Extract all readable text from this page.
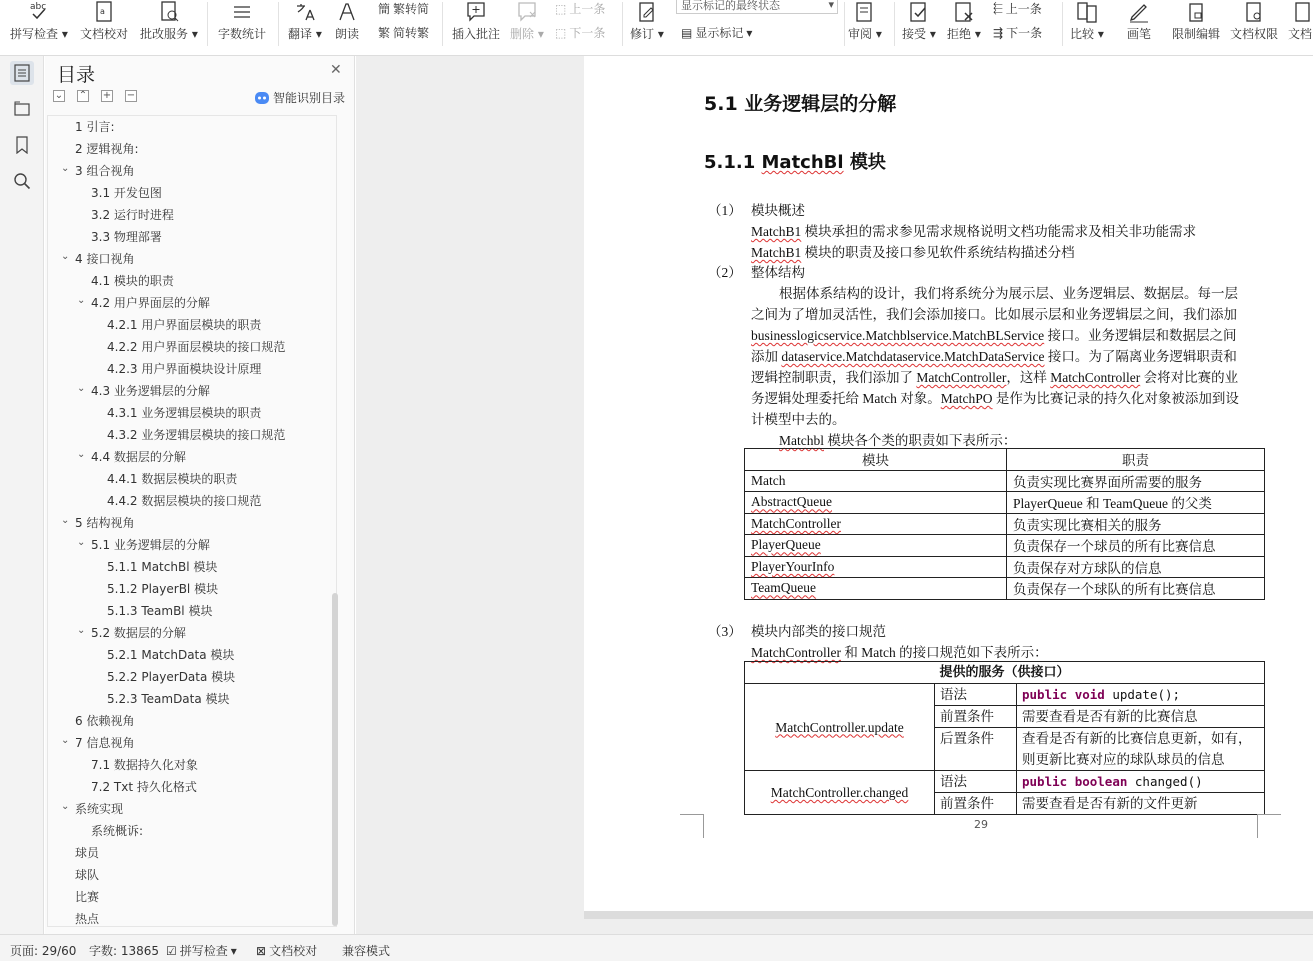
abc
拼写检查 ▾
a
文档校对 批改服务 ▾ 字数统计 翻译 ▾ 朗读
簡 繁转简
繁 简转繁 插入批注 删除 ▾
⬚ 上一条
⬚ 下一条 修订 ▾
显示标记的最终状态	▾
▤ 显示标记 ▾	审阅 ▾ 接受 ▾ 拒绝 ▾
⬱ 上一条
⇶ 下一条 比较 ▾ 画笔 限制编辑 文档权限 文档
目录	✕
⌄ ⌃ + −	智能识别目录
1 引言:
2 逻辑视角:
⌄ 3 组合视角
3.1 开发包图
3.2 运行时进程
3.3 物理部署
⌄ 4 接口视角
4.1 模块的职责
⌄ 4.2 用户界面层的分解
4.2.1 用户界面层模块的职责
4.2.2 用户界面层模块的接口规范
4.2.3 用户界面模块设计原理
⌄ 4.3 业务逻辑层的分解
4.3.1 业务逻辑层模块的职责
4.3.2 业务逻辑层模块的接口规范
⌄ 4.4 数据层的分解
4.4.1 数据层模块的职责
4.4.2 数据层模块的接口规范
⌄ 5 结构视角
⌄ 5.1 业务逻辑层的分解
5.1.1 MatchBl 模块
5.1.2 PlayerBl 模块
5.1.3 TeamBl 模块
⌄ 5.2 数据层的分解
5.2.1 MatchData 模块
5.2.2 PlayerData 模块
5.2.3 TeamData 模块
6 依赖视角
⌄ 7 信息视角
7.1 数据持久化对象
7.2 Txt 持久化格式
⌄ 系统实现
系统概诉:
球员
球队
比赛
热点
5.1 业务逻辑层的分解
5.1.1 MatchBl 模块
（1） 模块概述
MatchB1 模块承担的需求参见需求规格说明文档功能需求及相关非功能需求
MatchB1 模块的职责及接口参见软件系统结构描述分档
（2） 整体结构
根据体系结构的设计，我们将系统分为展示层、业务逻辑层、数据层。每一层
之间为了增加灵活性，我们会添加接口。比如展示层和业务逻辑层之间，我们添加
businesslogicservice.Matchblservice.MatchBLService 接口。业务逻辑层和数据层之间
添加 dataservice.Matchdataservice.MatchDataService 接口。为了隔离业务逻辑职责和
逻辑控制职责，我们添加了 MatchController，这样 MatchController 会将对比赛的业
务逻辑处理委托给 Match 对象。MatchPO 是作为比赛记录的持久化对象被添加到设
计模型中去的。
Matchbl 模块各个类的职责如下表所示：
模块	职责
Match	负责实现比赛界面所需要的服务
AbstractQueue	PlayerQueue 和 TeamQueue 的父类
MatchController	负责实现比赛相关的服务
PlayerQueue	负责保存一个球员的所有比赛信息
PlayerYourInfo	负责保存对方球队的信息
TeamQueue	负责保存一个球队的所有比赛信息
（3） 模块内部类的接口规范
MatchController 和 Match 的接口规范如下表所示：
提供的服务（供接口）		
MatchController.update	语法	public void update();
	前置条件	需要查看是否有新的比赛信息
	后置条件	查看是否有新的比赛信息更新，如有，
则更新比赛对应的球队球员的信息

MatchController.changed	语法	public boolean changed()
	前置条件	需要查看是否有新的文件更新
29
页面: 29/60 字数: 13865 ☑ 拼写检查 ▾ ⊠ 文档校对 兼容模式
